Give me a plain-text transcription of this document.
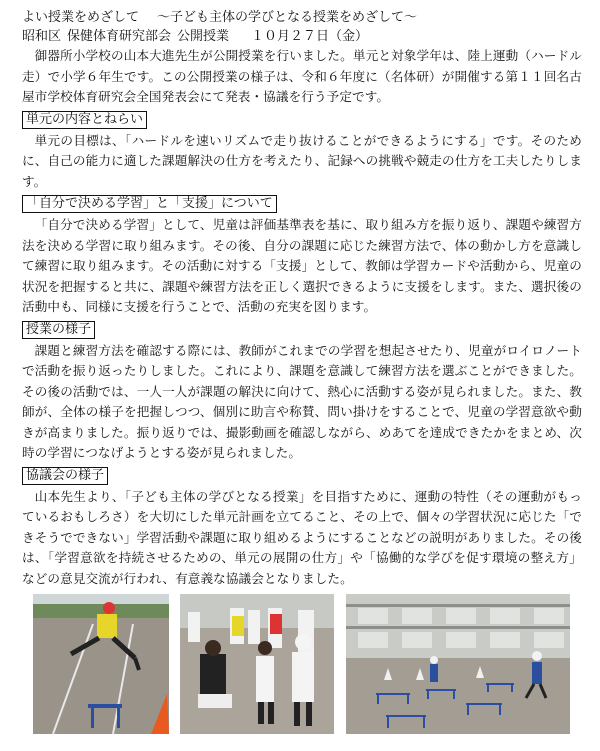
よい授業をめざして ～子ども主体の学びとなる授業をめざして～
昭和区 保健体育研究部会 公開授業 １０月２７日（金）

御器所小学校の山本大進先生が公開授業を行いました。単元と対象学年は、陸上運動（ハードル走）で小学６年生です。この公開授業の様子は、令和６年度に（名体研）が開催する第１１回名古屋市学校体育研究会全国発表会にて発表・協議を行う予定です。

単元の内容とねらい

単元の目標は、「ハードルを速いリズムで走り抜けることができるようにする」です。そのために、自己の能力に適した課題解決の仕方を考えたり、記録への挑戦や競走の仕方を工夫したりします。

「自分で決める学習」と「支援」について

「自分で決める学習」として、児童は評価基準表を基に、取り組み方を振り返り、課題や練習方法を決める学習に取り組みます。その後、自分の課題に応じた練習方法で、体の動かし方を意識して練習に取り組みます。その活動に対する「支援」として、教師は学習カードや活動から、児童の状況を把握すると共に、課題や練習方法を正しく選択できるように支援をします。また、選択後の活動中も、同様に支援を行うことで、活動の充実を図ります。

授業の様子

課題と練習方法を確認する際には、教師がこれまでの学習を想起させたり、児童がロイロノートで活動を振り返ったりしました。これにより、課題を意識して練習方法を選ぶことができました。その後の活動では、一人一人が課題の解決に向けて、熱心に活動する姿が見られました。また、教師が、全体の様子を把握しつつ、個別に助言や称賛、問い掛けをすることで、児童の学習意欲や動きが高まりました。振り返りでは、撮影動画を確認しながら、めあてを達成できたかをまとめ、次時の学習につなげようとする姿が見られました。

協議会の様子

山本先生より、「子ども主体の学びとなる授業」を目指すために、運動の特性（その運動がもっているおもしろさ）を大切にした単元計画を立てること、その上で、個々の学習状況に応じた「できそうでできない」学習活動や課題に取り組めるようにすることなどの説明がありました。その後は、「学習意欲を持続させるための、単元の展開の仕方」や「協働的な学びを促す環境の整え方」などの意見交流が行われ、有意義な協議会となりました。
